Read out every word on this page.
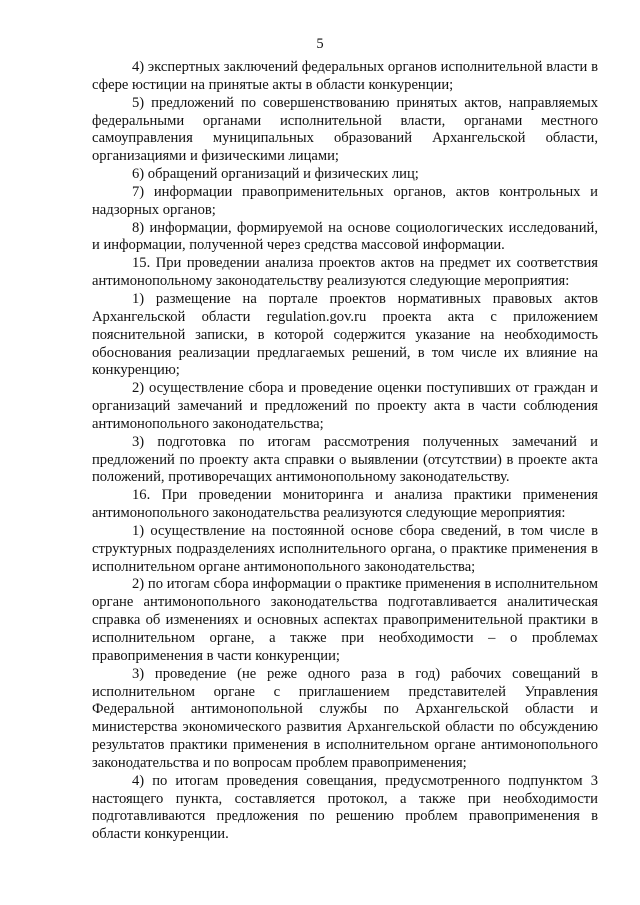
5

4) экспертных заключений федеральных органов исполнительной власти в сфере юстиции на принятые акты в области конкуренции;

5) предложений по совершенствованию принятых актов, направляемых федеральными органами исполнительной власти, органами местного самоуправления муниципальных образований Архангельской области, организациями и физическими лицами;

6) обращений организаций и физических лиц;

7) информации правоприменительных органов, актов контрольных и надзорных органов;

8) информации, формируемой на основе социологических исследований, и информации, полученной через средства массовой информации.

15. При проведении анализа проектов актов на предмет их соответствия антимонопольному законодательству реализуются следующие мероприятия:

1) размещение на портале проектов нормативных правовых актов Архангельской области regulation.gov.ru проекта акта с приложением пояснительной записки, в которой содержится указание на необходимость обоснования реализации предлагаемых решений, в том числе их влияние на конкуренцию;

2) осуществление сбора и проведение оценки поступивших от граждан и организаций замечаний и предложений по проекту акта в части соблюдения антимонопольного законодательства;

3) подготовка по итогам рассмотрения полученных замечаний и предложений по проекту акта справки о выявлении (отсутствии) в проекте акта положений, противоречащих антимонопольному законодательству.

16. При проведении мониторинга и анализа практики применения антимонопольного законодательства реализуются следующие мероприятия:

1) осуществление на постоянной основе сбора сведений, в том числе в структурных подразделениях исполнительного органа, о практике применения в исполнительном органе антимонопольного законодательства;

2) по итогам сбора информации о практике применения в исполнительном органе антимонопольного законодательства подготавливается аналитическая справка об изменениях и основных аспектах правоприменительной практики в исполнительном органе, а также при необходимости – о проблемах правоприменения в части конкуренции;

3) проведение (не реже одного раза в год) рабочих совещаний в исполнительном органе с приглашением представителей Управления Федеральной антимонопольной службы по Архангельской области и министерства экономического развития Архангельской области по обсуждению результатов практики применения в исполнительном органе антимонопольного законодательства и по вопросам проблем правоприменения;

4) по итогам проведения совещания, предусмотренного подпунктом 3 настоящего пункта, составляется протокол, а также при необходимости подготавливаются предложения по решению проблем правоприменения в области конкуренции.
